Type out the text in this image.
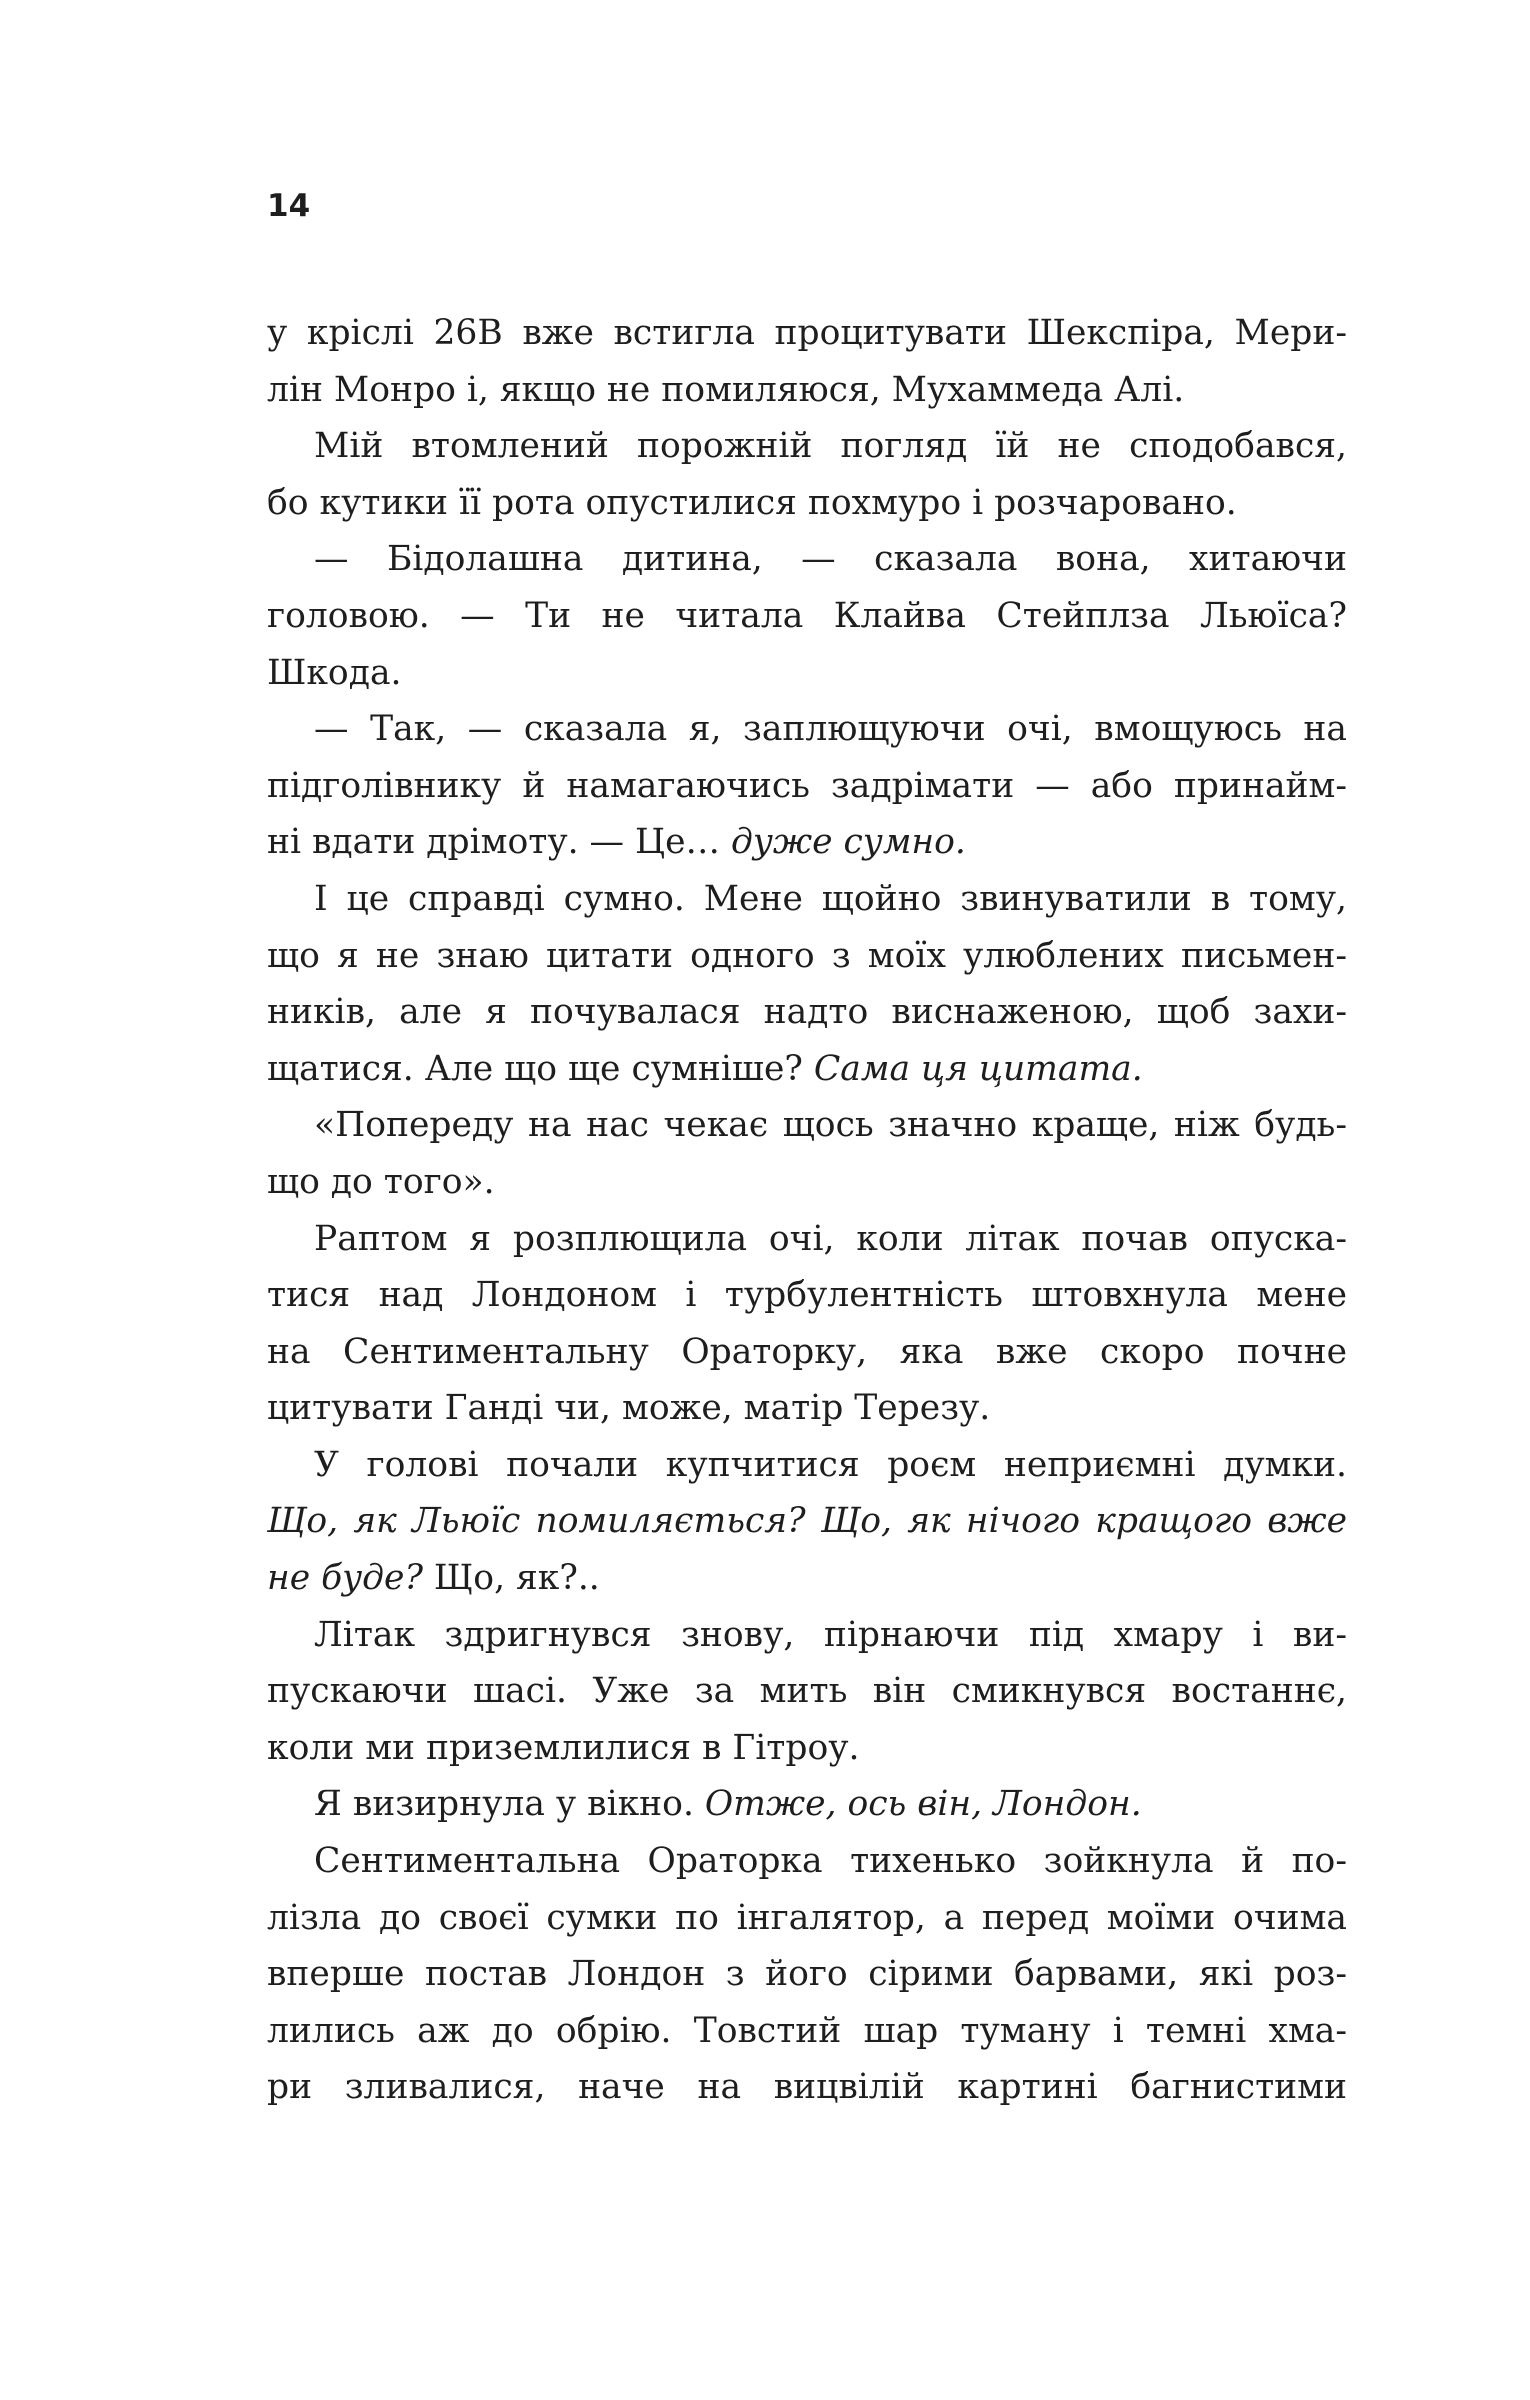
14
у кріслі 26B вже встигла процитувати Шекспіра, Мери-
лін Монро і, якщо не помиляюся, Мухаммеда Алі.
Мій втомлений порожній погляд їй не сподобався,
бо кутики її рота опустилися похмуро і розчаровано.
— Бідолашна дитина, — сказала вона, хитаючи
головою. — Ти не читала Клайва Стейплза Льюїса?
Шкода.
— Так, — сказала я, заплющуючи очі, вмощуюсь на
підголівнику й намагаючись задрімати — або принайм-
ні вдати дрімоту. — Це… дуже сумно.
І це справді сумно. Мене щойно звинуватили в тому,
що я не знаю цитати одного з моїх улюблених письмен-
ників, але я почувалася надто виснаженою, щоб захи-
щатися. Але що ще сумніше? Сама ця цитата.
«Попереду на нас чекає щось значно краще, ніж будь-
що до того».
Раптом я розплющила очі, коли літак почав опуска-
тися над Лондоном і турбулентність штовхнула мене
на Сентиментальну Ораторку, яка вже скоро почне
цитувати Ганді чи, може, матір Терезу.
У голові почали купчитися роєм неприємні думки.
Що, як Льюїс помиляється? Що, як нічого кращого вже
не буде? Що, як?..
Літак здригнувся знову, пірнаючи під хмару і ви-
пускаючи шасі. Уже за мить він смикнувся востаннє,
коли ми приземлилися в Гітроу.
Я визирнула у вікно. Отже, ось він, Лондон.
Сентиментальна Ораторка тихенько зойкнула й по-
лізла до своєї сумки по інгалятор, а перед моїми очима
вперше постав Лондон з його сірими барвами, які роз-
лились аж до обрію. Товстий шар туману і темні хма-
ри зливалися, наче на вицвілій картині багнистими
